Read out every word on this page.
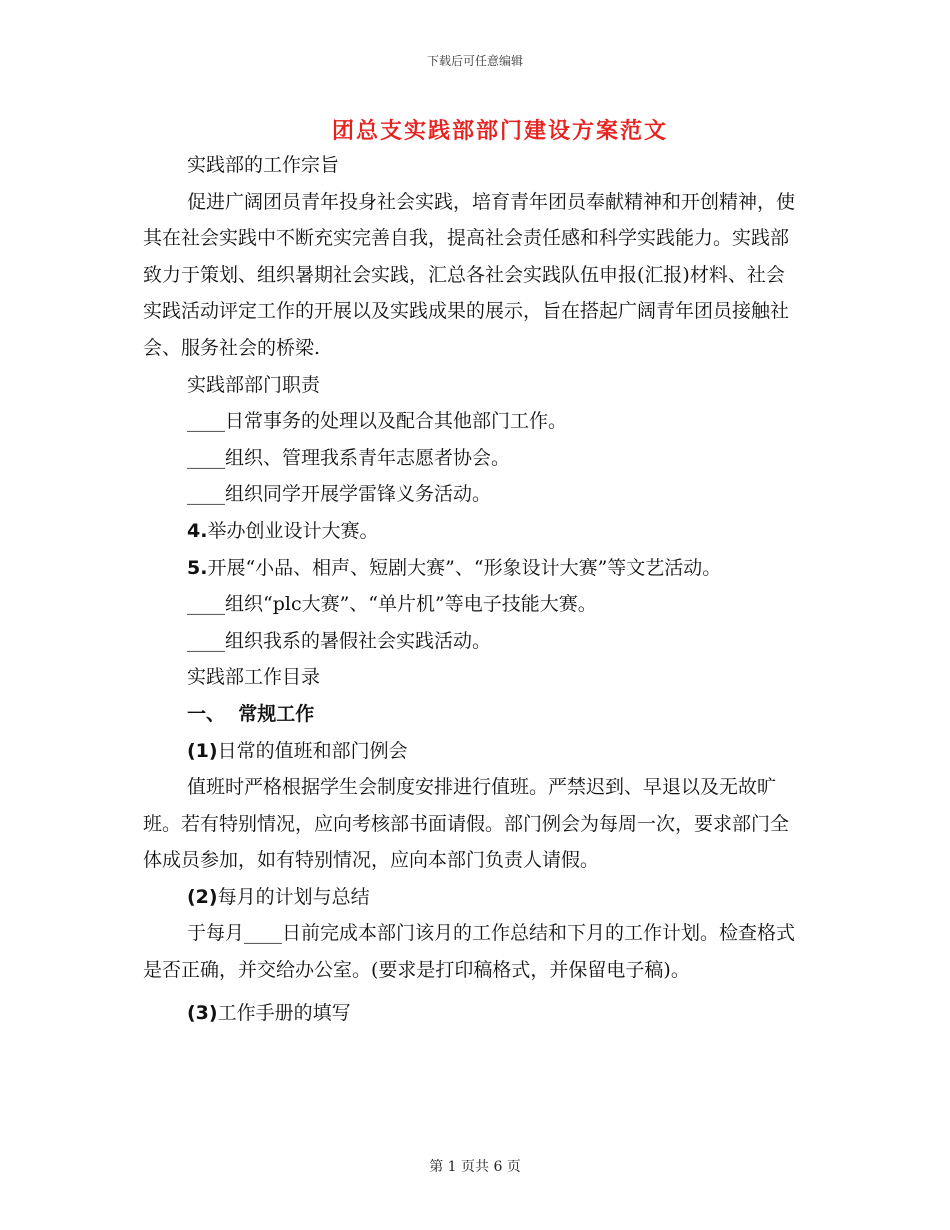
下载后可任意编辑
团总支实践部部门建设方案范文

实践部的工作宗旨

促进广阔团员青年投身社会实践，培育青年团员奉献精神和开创精神，使其在社会实践中不断充实完善自我，提高社会责任感和科学实践能力。实践部致力于策划、组织暑期社会实践，汇总各社会实践队伍申报(汇报)材料、社会实践活动评定工作的开展以及实践成果的展示，旨在搭起广阔青年团员接触社会、服务社会的桥梁.

实践部部门职责

____日常事务的处理以及配合其他部门工作。

____组织、管理我系青年志愿者协会。

____组织同学开展学雷锋义务活动。

4.举办创业设计大赛。

5.开展“小品、相声、短剧大赛”、“形象设计大赛”等文艺活动。

____组织“plc大赛”、“单片机”等电子技能大赛。

____组织我系的暑假社会实践活动。

实践部工作目录

一、  常规工作

(1)日常的值班和部门例会

值班时严格根据学生会制度安排进行值班。严禁迟到、早退以及无故旷班。若有特别情况，应向考核部书面请假。部门例会为每周一次，要求部门全体成员参加，如有特别情况，应向本部门负责人请假。

(2)每月的计划与总结

于每月____日前完成本部门该月的工作总结和下月的工作计划。检查格式是否正确，并交给办公室。(要求是打印稿格式，并保留电子稿)。

(3)工作手册的填写

第 1 页共 6 页
